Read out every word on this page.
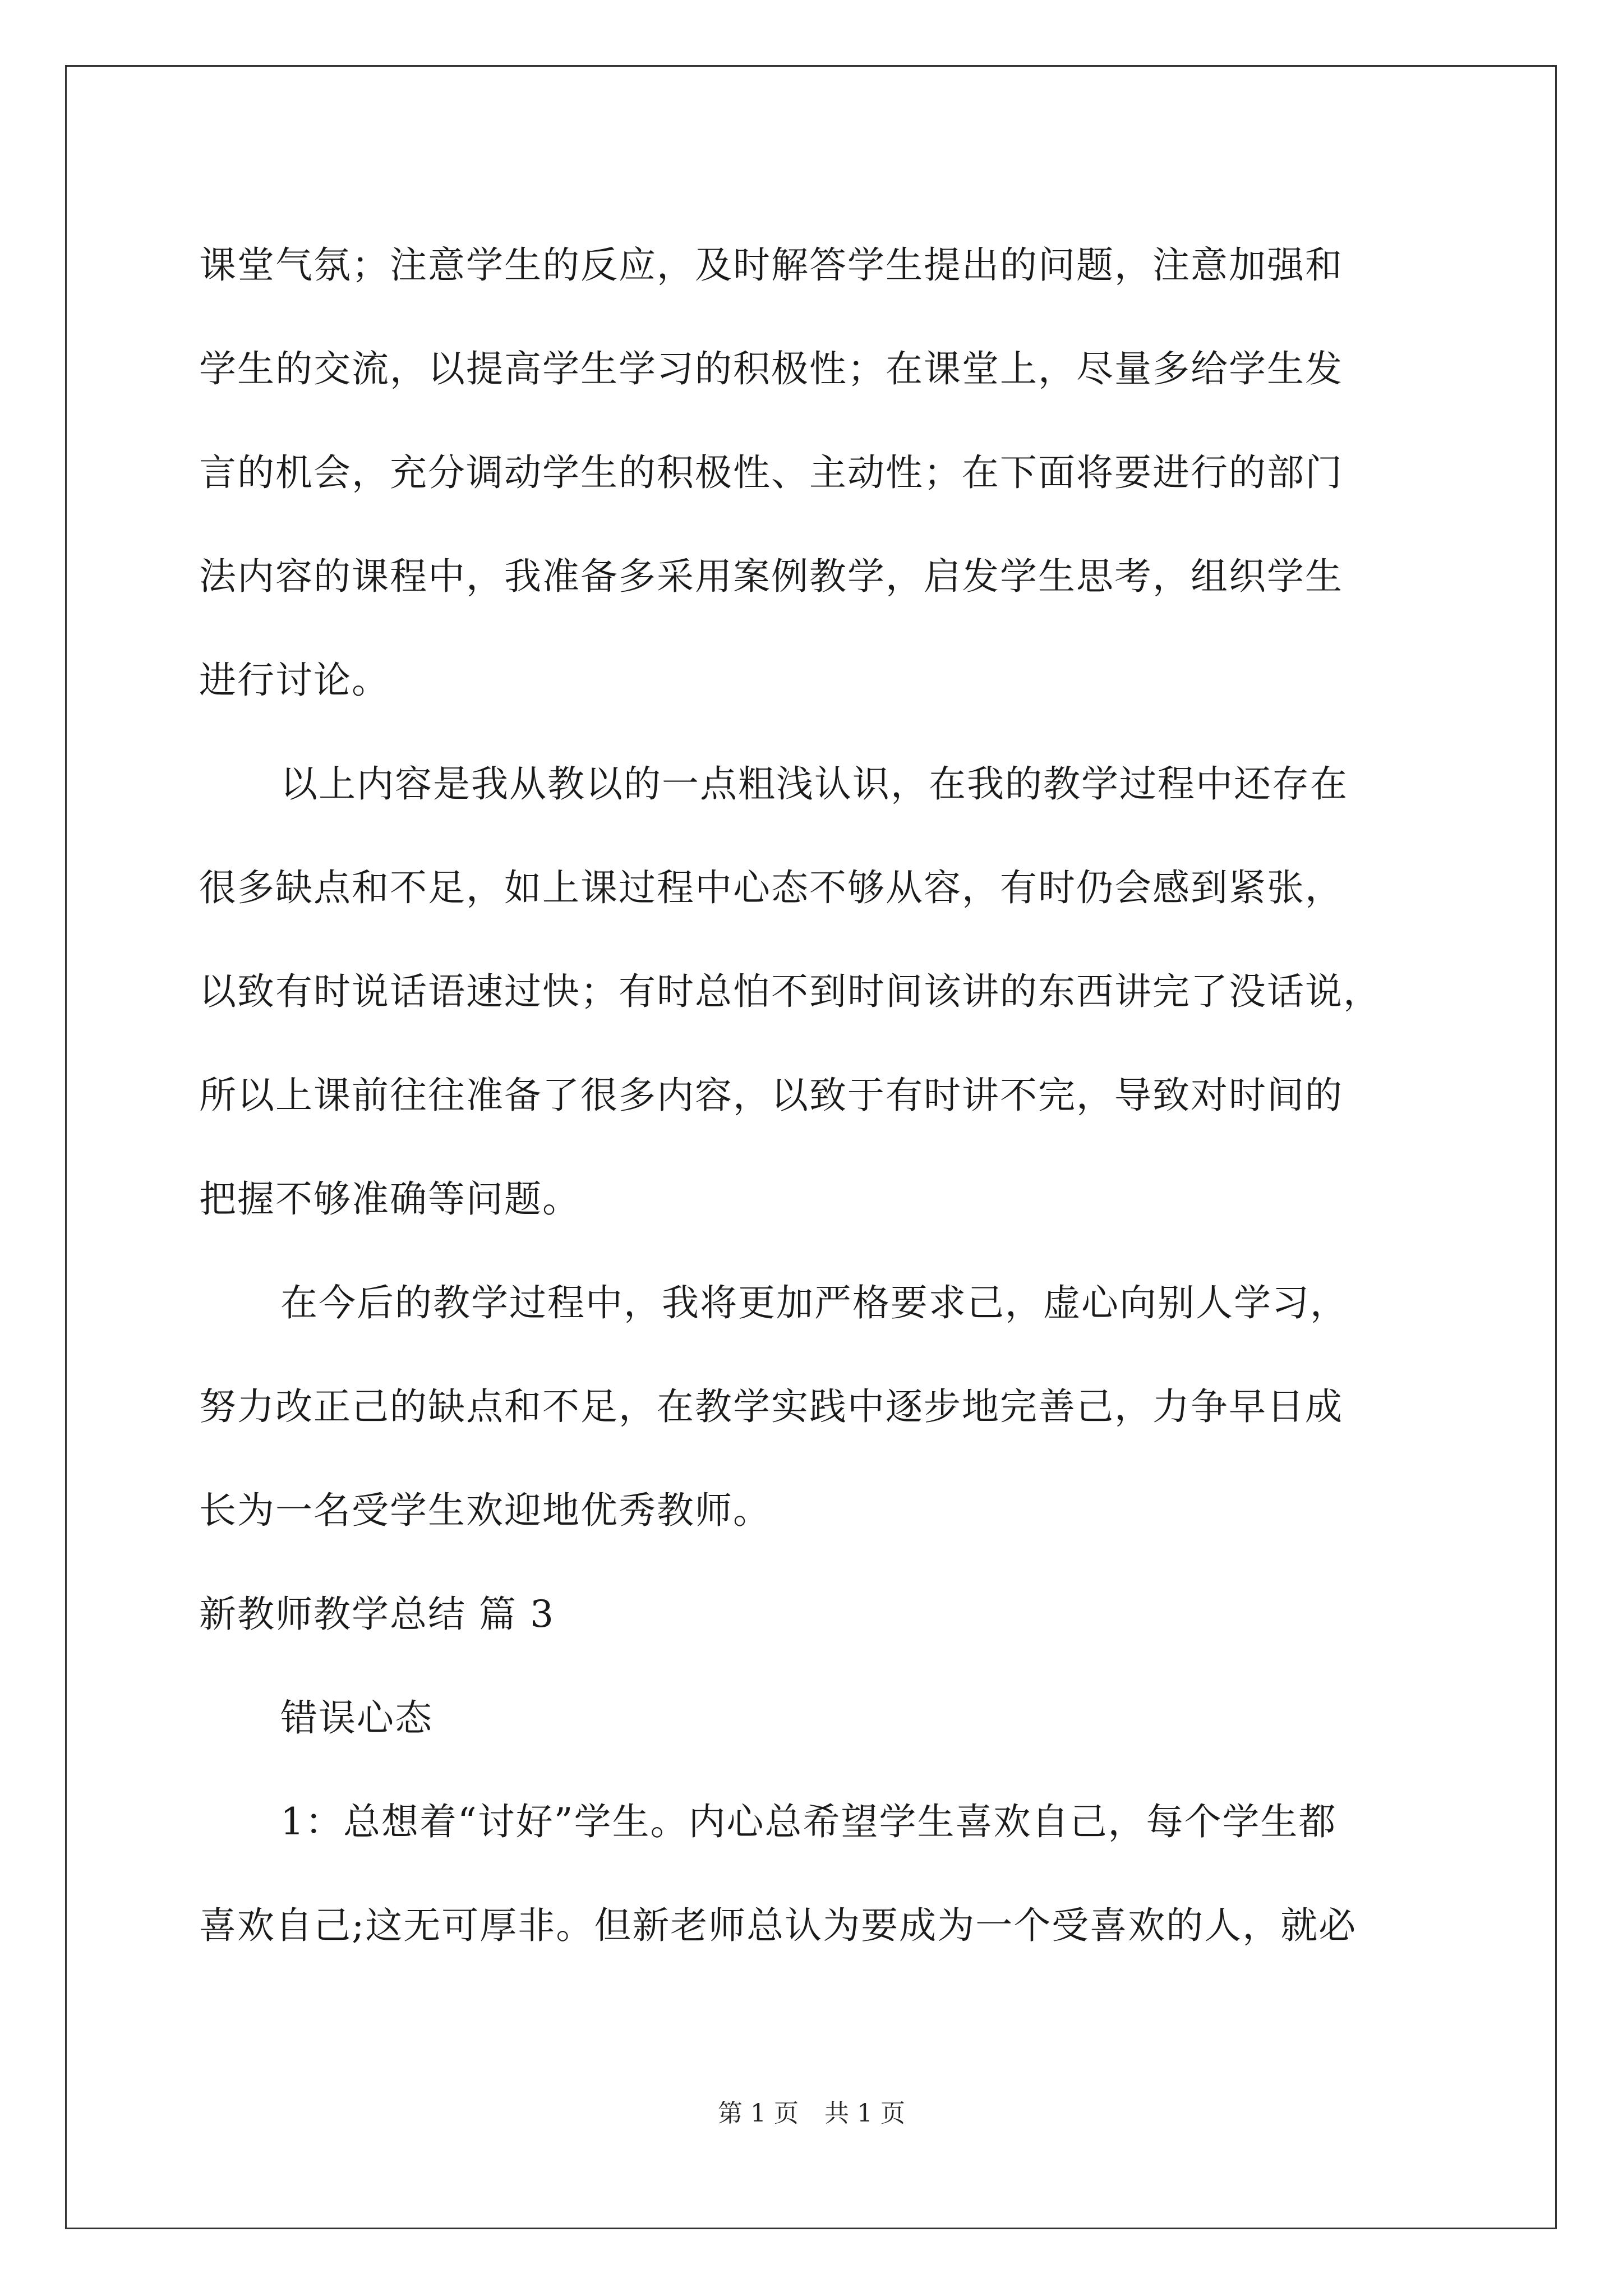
课堂气氛；注意学生的反应，及时解答学生提出的问题，注意加强和
学生的交流，以提高学生学习的积极性；在课堂上，尽量多给学生发
言的机会，充分调动学生的积极性、主动性；在下面将要进行的部门
法内容的课程中，我准备多采用案例教学，启发学生思考，组织学生
进行讨论。
以上内容是我从教以的一点粗浅认识，在我的教学过程中还存在
很多缺点和不足，如上课过程中心态不够从容，有时仍会感到紧张，
以致有时说话语速过快；有时总怕不到时间该讲的东西讲完了没话说，
所以上课前往往准备了很多内容，以致于有时讲不完，导致对时间的
把握不够准确等问题。
在今后的教学过程中，我将更加严格要求己，虚心向别人学习，
努力改正己的缺点和不足，在教学实践中逐步地完善己，力争早日成
长为一名受学生欢迎地优秀教师。
新教师教学总结 篇 3
错误心态
1：总想着“讨好”学生。内心总希望学生喜欢自己，每个学生都
喜欢自己;这无可厚非。但新老师总认为要成为一个受喜欢的人，就必
第 1 页 共 1 页
